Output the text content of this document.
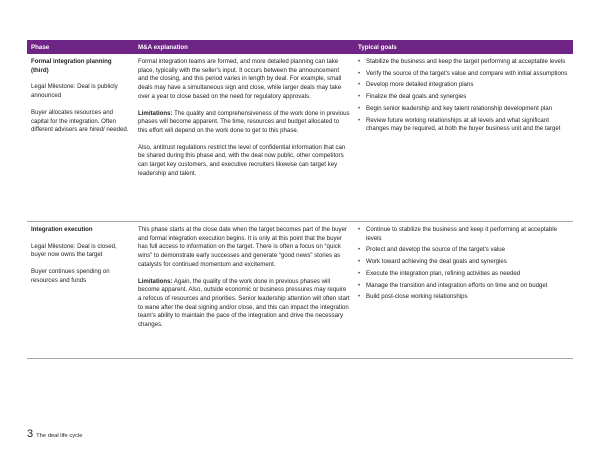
Phase	M&A explanation	Typical goals

Formal integration planning (third)

Legal Milestone: Deal is publicly announced

Buyer allocates resources and capital for the integration. Often different advisers are hired/ needed.

Formal integration teams are formed, and more detailed planning can take place, typically with the seller's input. It occurs between the announcement and the closing, and this period varies in length by deal. For example, small deals may have a simultaneous sign and close, while larger deals may take over a year to close based on the need for regulatory approvals.

Limitations: The quality and comprehensiveness of the work done in previous phases will become apparent. The time, resources and budget allocated to this effort will depend on the work done to get to this phase.

Also, antitrust regulations restrict the level of confidential information that can be shared during this phase and, with the deal now public, other competitors can target key customers, and executive recruiters likewise can target key leadership and talent.

• Stabilize the business and keep the target performing at acceptable levels
• Verify the source of the target's value and compare with initial assumptions
• Develop more detailed integration plans
• Finalize the deal goals and synergies
• Begin senior leadership and key talent relationship development plan
• Review future working relationships at all levels and what significant changes may be required, at both the buyer business unit and the target

Integration execution

Legal Milestone: Deal is closed, buyer now owns the target

Buyer continues spending on resources and funds

This phase starts at the close date when the target becomes part of the buyer and formal integration execution begins. It is only at this point that the buyer has full access to information on the target. There is often a focus on “quick wins” to demonstrate early successes and generate “good news” stories as catalysts for continued momentum and excitement.

Limitations: Again, the quality of the work done in previous phases will become apparent. Also, outside economic or business pressures may require a refocus of resources and priorities. Senior leadership attention will often start to wane after the deal signing and/or close, and this can impact the integration team's ability to maintain the pace of the integration and drive the necessary changes.

• Continue to stabilize the business and keep it performing at acceptable levels
• Protect and develop the source of the target's value
• Work toward achieving the deal goals and synergies
• Execute the integration plan, refining activities as needed
• Manage the transition and integration efforts on time and on budget
• Build post-close working relationships
3 The deal life cycle
